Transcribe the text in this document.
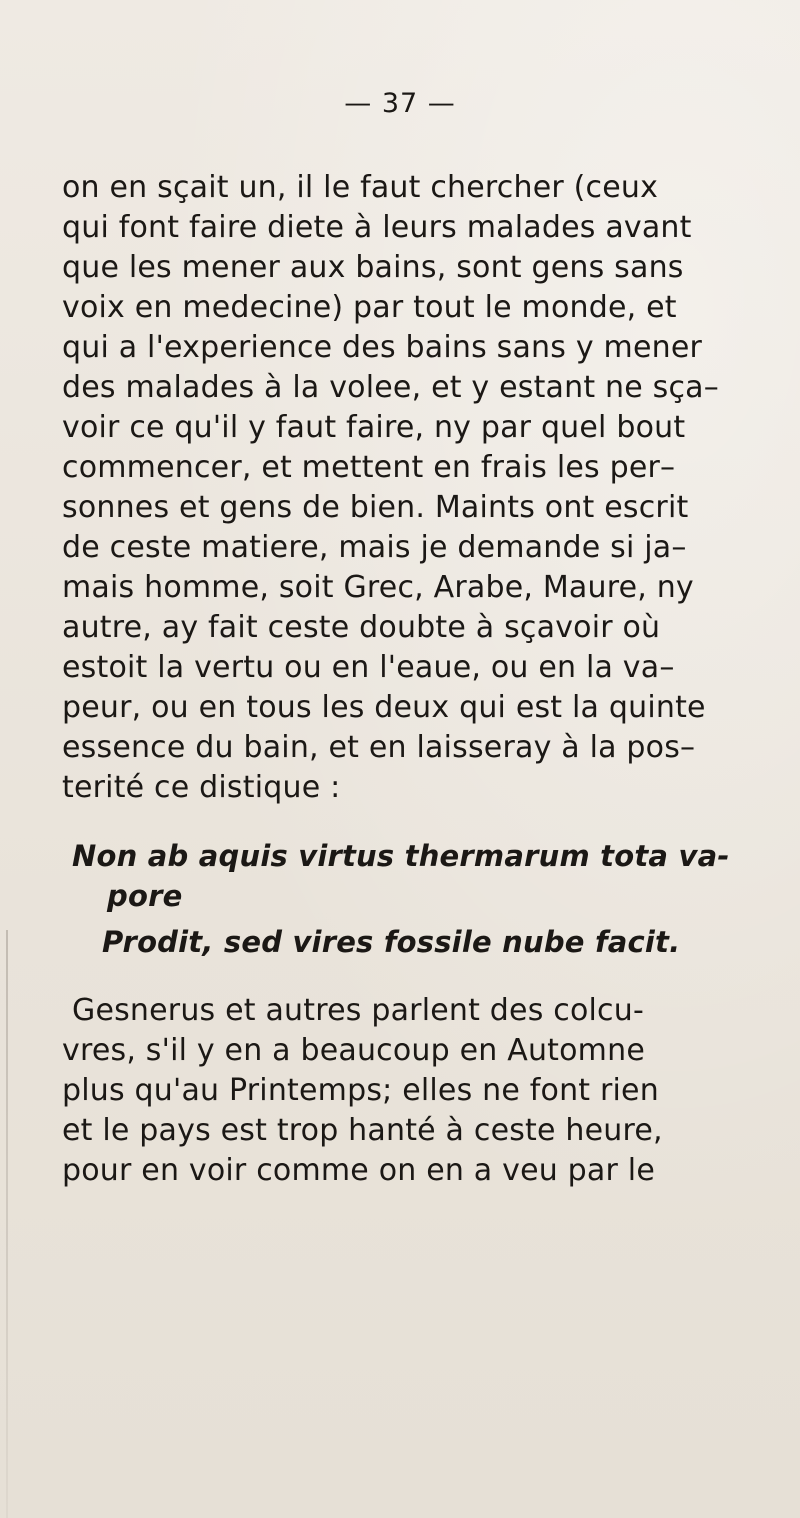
— 37 —
on en sçait un, il le faut chercher (ceux
qui font faire diete à leurs malades avant
que les mener aux bains, sont gens sans
voix en medecine) par tout le monde, et
qui a l'experience des bains sans y mener
des malades à la volee, et y estant ne sça–
voir ce qu'il y faut faire, ny par quel bout
commencer, et mettent en frais les per–
sonnes et gens de bien. Maints ont escrit
de ceste matiere, mais je demande si ja–
mais homme, soit Grec, Arabe, Maure, ny
autre, ay fait ceste doubte à sçavoir où
estoit la vertu ou en l'eaue, ou en la va–
peur, ou en tous les deux qui est la quinte
essence du bain, et en laisseray à la pos–
terité ce distique :
Non ab aquis virtus thermarum tota va-
pore
Prodit, sed vires fossile nube facit.
Gesnerus et autres parlent des colcu-
vres, s'il y en a beaucoup en Automne
plus qu'au Printemps; elles ne font rien
et le pays est trop hanté à ceste heure,
pour en voir comme on en a veu par le
